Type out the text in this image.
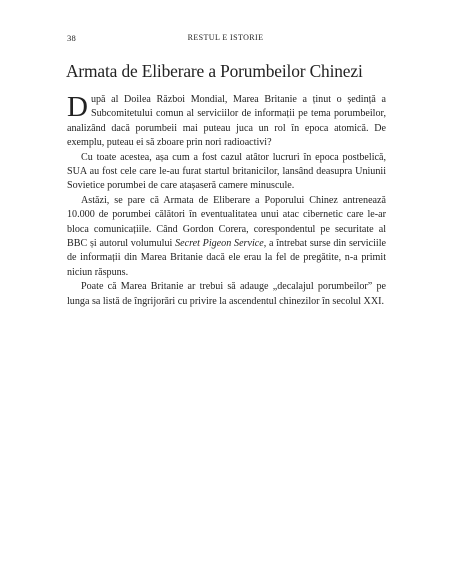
38	RESTUL E ISTORIE
Armata de Eliberare a Porumbeilor Chinezi

După al Doilea Război Mondial, Marea Britanie a ținut o ședință a Subcomitetului comun al serviciilor de informații pe tema porumbeilor, analizând dacă porumbeii mai puteau juca un rol în epoca atomică. De exemplu, puteau ei să zboare prin nori radioactivi?

Cu toate acestea, așa cum a fost cazul atâtor lucruri în epoca postbelică, SUA au fost cele care le-au furat startul britanicilor, lansând deasupra Uniunii Sovietice porumbei de care atașaseră camere minuscule.

Astăzi, se pare că Armata de Eliberare a Poporului Chinez antrenează 10.000 de porumbei călători în eventualitatea unui atac cibernetic care le-ar bloca comunicațiile. Când Gordon Corera, corespondentul pe securitate al BBC și autorul volumului Secret Pigeon Service, a întrebat surse din serviciile de informații din Marea Britanie dacă ele erau la fel de pregătite, n-a primit niciun răspuns.

Poate că Marea Britanie ar trebui să adauge „decalajul porumbeilor” pe lunga sa listă de îngrijorări cu privire la ascendentul chinezilor în secolul XXI.
